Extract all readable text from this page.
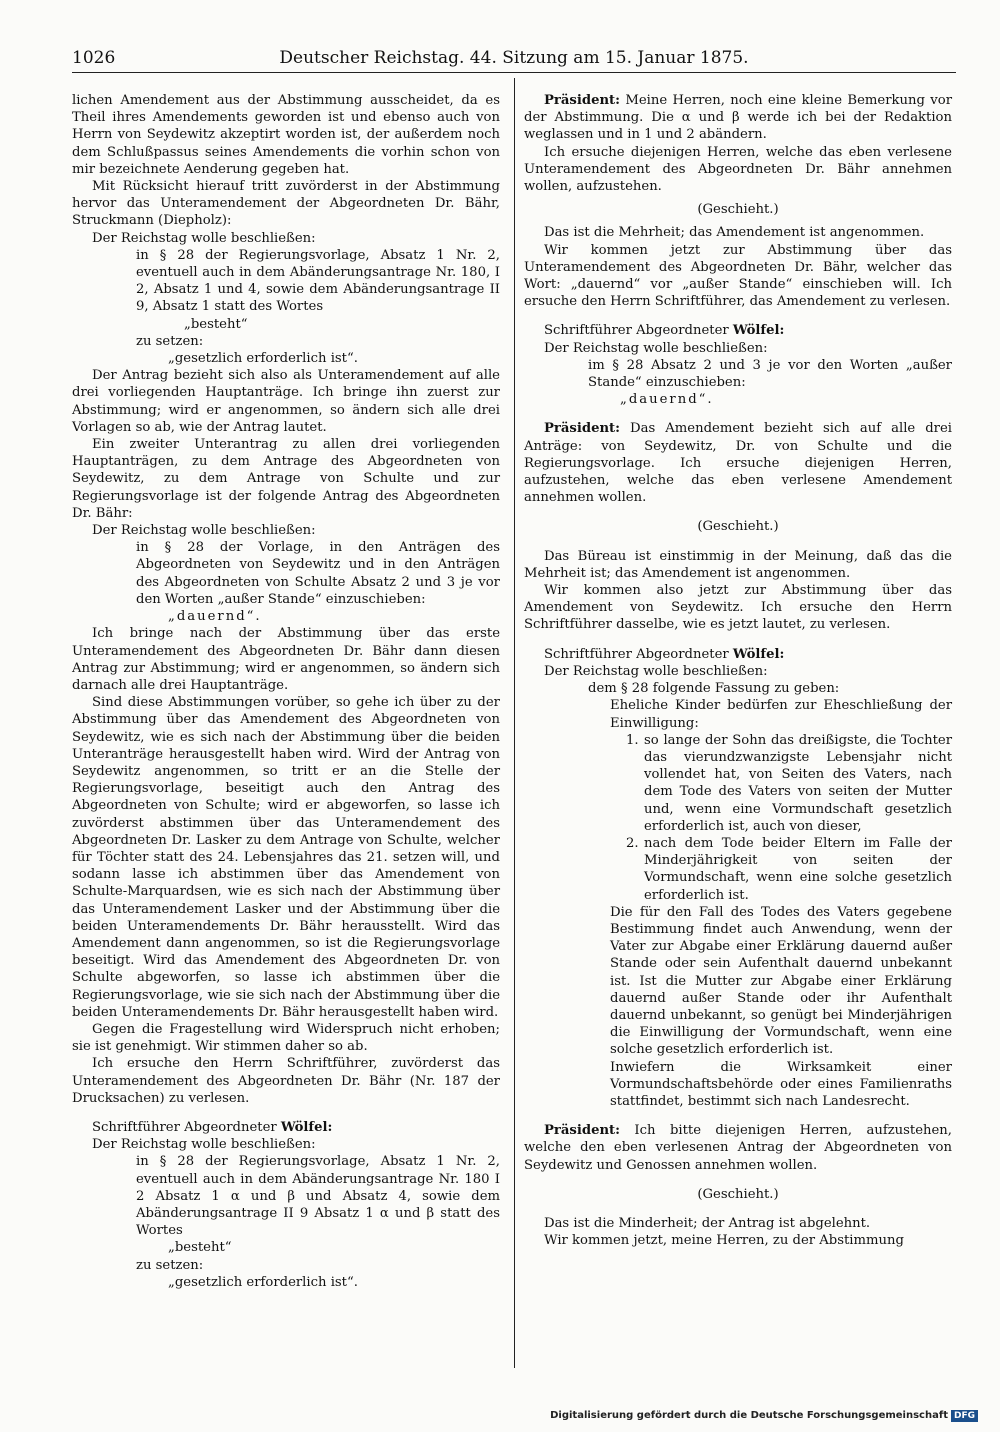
1026	Deutscher Reichstag. 44. Sitzung am 15. Januar 1875.

lichen Amendement aus der Abstimmung ausscheidet, da es Theil ihres Amendements geworden ist und ebenso auch von Herrn von Seydewitz akzeptirt worden ist, der außerdem noch dem Schlußpassus seines Amendements die vorhin schon von mir bezeichnete Aenderung gegeben hat.

Mit Rücksicht hierauf tritt zuvörderst in der Abstimmung hervor das Unteramendement der Abgeordneten Dr. Bähr, Struckmann (Diepholz):

Der Reichstag wolle beschließen:

in § 28 der Regierungsvorlage, Absatz 1 Nr. 2, eventuell auch in dem Abänderungsantrage Nr. 180, I 2, Absatz 1 und 4, sowie dem Abänderungsantrage II 9, Absatz 1 statt des Wortes

„besteht“

zu setzen:

„gesetzlich erforderlich ist“.

Der Antrag bezieht sich also als Unteramendement auf alle drei vorliegenden Hauptanträge. Ich bringe ihn zuerst zur Abstimmung; wird er angenommen, so ändern sich alle drei Vorlagen so ab, wie der Antrag lautet.

Ein zweiter Unterantrag zu allen drei vorliegenden Hauptanträgen, zu dem Antrage des Abgeordneten von Seydewitz, zu dem Antrage von Schulte und zur Regierungsvorlage ist der folgende Antrag des Abgeordneten Dr. Bähr:

Der Reichstag wolle beschließen:

in § 28 der Vorlage, in den Anträgen des Abgeordneten von Seydewitz und in den Anträgen des Abgeordneten von Schulte Absatz 2 und 3 je vor den Worten „außer Stande“ einzuschieben:

„dauernd“.

Ich bringe nach der Abstimmung über das erste Unteramendement des Abgeordneten Dr. Bähr dann diesen Antrag zur Abstimmung; wird er angenommen, so ändern sich darnach alle drei Hauptanträge.

Sind diese Abstimmungen vorüber, so gehe ich über zu der Abstimmung über das Amendement des Abgeordneten von Seydewitz, wie es sich nach der Abstimmung über die beiden Unteranträge herausgestellt haben wird. Wird der Antrag von Seydewitz angenommen, so tritt er an die Stelle der Regierungsvorlage, beseitigt auch den Antrag des Abgeordneten von Schulte; wird er abgeworfen, so lasse ich zuvörderst abstimmen über das Unteramendement des Abgeordneten Dr. Lasker zu dem Antrage von Schulte, welcher für Töchter statt des 24. Lebensjahres das 21. setzen will, und sodann lasse ich abstimmen über das Amendement von Schulte-Marquardsen, wie es sich nach der Abstimmung über das Unteramendement Lasker und der Abstimmung über die beiden Unteramendements Dr. Bähr herausstellt. Wird das Amendement dann angenommen, so ist die Regierungsvorlage beseitigt. Wird das Amendement des Abgeordneten Dr. von Schulte abgeworfen, so lasse ich abstimmen über die Regierungsvorlage, wie sie sich nach der Abstimmung über die beiden Unteramendements Dr. Bähr herausgestellt haben wird.

Gegen die Fragestellung wird Widerspruch nicht erhoben; sie ist genehmigt. Wir stimmen daher so ab.

Ich ersuche den Herrn Schriftführer, zuvörderst das Unteramendement des Abgeordneten Dr. Bähr (Nr. 187 der Drucksachen) zu verlesen.

Schriftführer Abgeordneter Wölfel:

Der Reichstag wolle beschließen:

in § 28 der Regierungsvorlage, Absatz 1 Nr. 2, eventuell auch in dem Abänderungsantrage Nr. 180 I 2 Absatz 1 α und β und Absatz 4, sowie dem Abänderungsantrage II 9 Absatz 1 α und β statt des Wortes

„besteht“

zu setzen:

„gesetzlich erforderlich ist“.

Präsident: Meine Herren, noch eine kleine Bemerkung vor der Abstimmung. Die α und β werde ich bei der Redaktion weglassen und in 1 und 2 abändern.

Ich ersuche diejenigen Herren, welche das eben verlesene Unteramendement des Abgeordneten Dr. Bähr annehmen wollen, aufzustehen.

(Geschieht.)

Das ist die Mehrheit; das Amendement ist angenommen.

Wir kommen jetzt zur Abstimmung über das Unteramendement des Abgeordneten Dr. Bähr, welcher das Wort: „dauernd“ vor „außer Stande“ einschieben will. Ich ersuche den Herrn Schriftführer, das Amendement zu verlesen.

Schriftführer Abgeordneter Wölfel:

Der Reichstag wolle beschließen:

im § 28 Absatz 2 und 3 je vor den Worten „außer Stande“ einzuschieben:

„dauernd“.

Präsident: Das Amendement bezieht sich auf alle drei Anträge: von Seydewitz, Dr. von Schulte und die Regierungsvorlage. Ich ersuche diejenigen Herren, aufzustehen, welche das eben verlesene Amendement annehmen wollen.

(Geschieht.)

Das Büreau ist einstimmig in der Meinung, daß das die Mehrheit ist; das Amendement ist angenommen.

Wir kommen also jetzt zur Abstimmung über das Amendement von Seydewitz. Ich ersuche den Herrn Schriftführer dasselbe, wie es jetzt lautet, zu verlesen.

Schriftführer Abgeordneter Wölfel:

Der Reichstag wolle beschließen:

dem § 28 folgende Fassung zu geben:

Eheliche Kinder bedürfen zur Eheschließung der Einwilligung:

1. so lange der Sohn das dreißigste, die Tochter das vierundzwanzigste Lebensjahr nicht vollendet hat, von Seiten des Vaters, nach dem Tode des Vaters von seiten der Mutter und, wenn eine Vormundschaft gesetzlich erforderlich ist, auch von dieser,

2. nach dem Tode beider Eltern im Falle der Minderjährigkeit von seiten der Vormundschaft, wenn eine solche gesetzlich erforderlich ist.

Die für den Fall des Todes des Vaters gegebene Bestimmung findet auch Anwendung, wenn der Vater zur Abgabe einer Erklärung dauernd außer Stande oder sein Aufenthalt dauernd unbekannt ist. Ist die Mutter zur Abgabe einer Erklärung dauernd außer Stande oder ihr Aufenthalt dauernd unbekannt, so genügt bei Minderjährigen die Einwilligung der Vormundschaft, wenn eine solche gesetzlich erforderlich ist.

Inwiefern die Wirksamkeit einer Vormundschaftsbehörde oder eines Familienraths stattfindet, bestimmt sich nach Landesrecht.

Präsident: Ich bitte diejenigen Herren, aufzustehen, welche den eben verlesenen Antrag der Abgeordneten von Seydewitz und Genossen annehmen wollen.

(Geschieht.)

Das ist die Minderheit; der Antrag ist abgelehnt.

Wir kommen jetzt, meine Herren, zu der Abstimmung

Digitalisierung gefördert durch die Deutsche Forschungsgemeinschaft DFG
